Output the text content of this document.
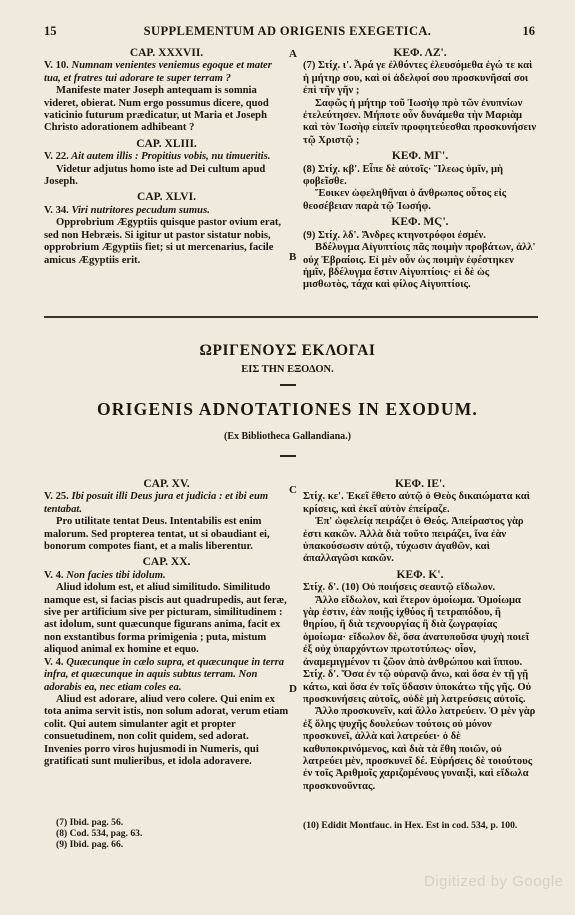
15	SUPPLEMENTUM AD ORIGENIS EXEGETICA.	16
CAP. XXXVII.
V. 10. Numnam venientes veniemus egoque et mater tua, et fratres tui adorare te super terram ?
Manifeste mater Joseph antequam is somnia videret, obierat. Num ergo possumus dicere, quod vaticinio futurum prædicatur, ut Maria et Joseph Christo adorationem adhibeant ?
CAP. XLIII.
V. 22. Ait autem illis : Propitius vobis, nu timueritis.
Videtur adjutus homo iste ad Dei cultum apud Joseph.
CAP. XLVI.
V. 34. Viri nutritores pecudum sumus.
Opprobrium Ægyptiis quisque pastor ovium erat, sed non Hebræis. Si igitur ut pastor sistatur nobis, opprobrium Ægyptiis fiet; si ut mercenarius, facile amicus Ægyptiis erit.
ΚΕΦ. ΛΖ'.
(7) Στίχ. ι'. Ἆρά γε ἐλθόντες ἐλευσόμεθα ἐγώ τε καὶ ἡ μήτηρ σου, καὶ οἱ ἀδελφοί σου προσκυνῆσαί σοι ἐπὶ τῆν γῆν ;
Σαφῶς ἡ μήτηρ τοῦ Ἰωσὴφ πρὸ τῶν ἐνυπνίων ἐτελεύτησεν. Μήποτε οὖν δυνάμεθα τὴν Μαριὰμ καὶ τὸν Ἰωσὴφ εἰπεῖν προφητεύεσθαι προσκυνήσειν τῷ Χριστῷ ;
ΚΕΦ. ΜΓ'.
(8) Στίχ. κβ'. Εἶπε δὲ αὐτοῖς· Ἵλεως ὑμῖν, μὴ φοβεῖσθε.
Ἔοικεν ὠφεληθῆναι ὁ ἄνθρωπος οὗτος εἰς θεοσέβειαν παρὰ τῷ Ἰωσήφ.
ΚΕΦ. ΜϚ'.
(9) Στίχ. λδ'. Ἄνδρες κτηνοτρόφοι ἐσμέν.
Βδέλυγμα Αἰγυπτίοις πᾶς ποιμὴν προβάτων, ἀλλ' οὐχ Ἑβραίοις. Εἰ μὲν οὖν ὡς ποιμὴν ἐφέστηκεν ἡμῖν, βδέλυγμα ἔστιν Αἰγυπτίοις· εἰ δὲ ὡς μισθωτὸς, τάχα καὶ φίλος Αἰγυπτίοις.
A
B
ΩΡΙΓΕΝΟΥΣ ΕΚΛΟΓΑΙ
ΕΙΣ ΤΗΝ ΕΞΟΔΟΝ.
ORIGENIS ADNOTATIONES IN EXODUM.
(Ex Bibliotheca Gallandiana.)
CAP. XV.
V. 25. Ibi posuit illi Deus jura et judicia : et ibi eum tentabat.
Pro utilitate tentat Deus. Intentabilis est enim malorum. Sed propterea tentat, ut si obaudiant ei, bonorum compotes fiant, et a malis liberentur.
CAP. XX.
V. 4. Non facies tibi idolum.
Aliud idolum est, et aliud similitudo. Similitudo namque est, si facias piscis aut quadrupedis, aut feræ, sive per artificium sive per picturam, similitudinem : ast idolum, sunt quæcunque figurans anima, facit ex non exstantibus forma primigenia ; puta, mistum aliquod animal ex homine et equo.
V. 4. Quæcunque in cælo supra, et quæcunque in terra infra, et quæcunque in aquis subtus terram. Non adorabis ea, nec etiam coles ea.
Aliud est adorare, aliud vero colere. Qui enim ex tota anima servit istis, non solum adorat, verum etiam colit. Qui autem simulanter agit et propter consuetudinem, non colit quidem, sed adorat. Invenies porro viros hujusmodi in Numeris, qui gratificati sunt mulieribus, et idola adoravere.
ΚΕΦ. ΙΕ'.
Στίχ. κε'. Ἐκεῖ ἔθετο αὐτῷ ὁ Θεὸς δικαιώματα καὶ κρίσεις, καὶ ἐκεῖ αὐτὸν ἐπείραζε.
Ἐπ' ὠφελείᾳ πειράζει ὁ Θεός. Ἀπείραστος γὰρ ἐστι κακῶν. Ἀλλὰ διὰ τοῦτο πειράζει, ἵνα ἐὰν ὑπακούσωσιν αὐτῷ, τύχωσιν ἀγαθῶν, καὶ ἀπαλλαγῶσι κακῶν.
ΚΕΦ. Κ'.
Στίχ. δ'. (10) Οὐ ποιήσεις σεαυτῷ εἴδωλον.
Ἄλλο εἴδωλον, καὶ ἕτερον ὁμοίωμα. Ὁμοίωμα γὰρ ἐστιν, ἐὰν ποιῇς ἰχθύος ἢ τετραπόδου, ἢ θηρίου, ἢ διὰ τεχνουργίας ἢ διὰ ζωγραφίας ὁμοίωμα· εἴδωλον δὲ, ὅσα ἀνατυποῦσα ψυχὴ ποιεῖ ἐξ οὐχ ὑπαρχόντων πρωτοτύπως· οἷον, ἀναμεμιγμένον τι ζῶον ἀπὸ ἀνθρώπου καὶ ἵππου.
Στίχ. δ'. Ὅσα ἐν τῷ οὐρανῷ ἄνω, καὶ ὅσα ἐν τῇ γῇ κάτω, καὶ ὅσα ἐν τοῖς ὕδασιν ὑποκάτω τῆς γῆς. Οὐ προσκυνήσεις αὐτοῖς, οὐδὲ μὴ λατρεύσεις αὐτοῖς.
Ἄλλο προσκυνεῖν, καὶ ἄλλο λατρεύειν. Ὁ μὲν γὰρ ἐξ ὅλης ψυχῆς δουλεύων τούτοις οὐ μόνον προσκυνεῖ, ἀλλὰ καὶ λατρεύει· ὁ δὲ καθυποκρινόμενος, καὶ διὰ τὰ ἔθη ποιῶν, οὐ λατρεύει μὲν, προσκυνεῖ δέ. Εὑρήσεις δὲ τοιούτους ἐν τοῖς Ἀριθμοῖς χαριζομένους γυναιξὶ, καὶ εἴδωλα προσκυνοῦντας.
C
D
(7) Ibid. pag. 56.
(8) Cod. 534, pag. 63.
(9) Ibid. pag. 66.
(10) Edidit Montfauc. in Hex. Est in cod. 534, p. 100.
Digitized by Google
